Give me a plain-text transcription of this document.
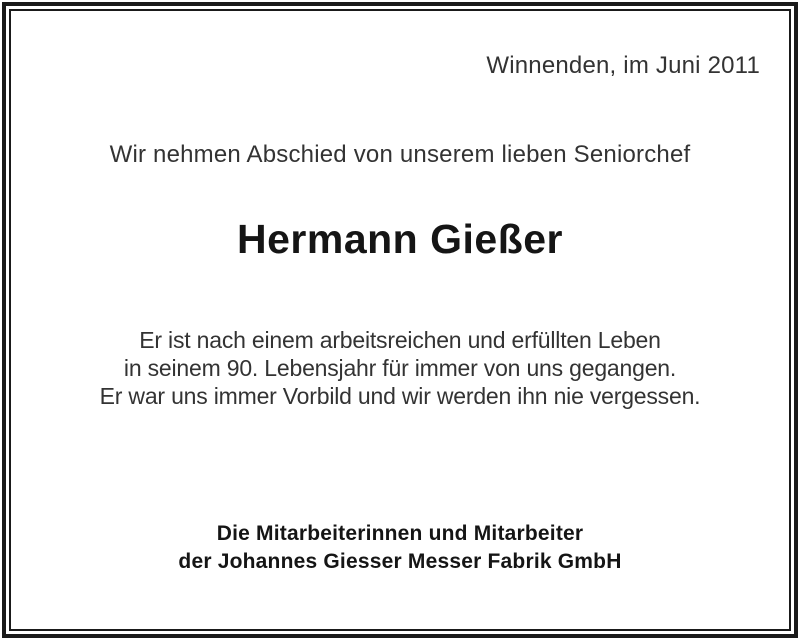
Winnenden, im Juni 2011
Wir nehmen Abschied von unserem lieben Seniorchef
Hermann Gießer
Er ist nach einem arbeitsreichen und erfüllten Leben
in seinem 90. Lebensjahr für immer von uns gegangen.
Er war uns immer Vorbild und wir werden ihn nie vergessen.
Die Mitarbeiterinnen und Mitarbeiter
der Johannes Giesser Messer Fabrik GmbH
